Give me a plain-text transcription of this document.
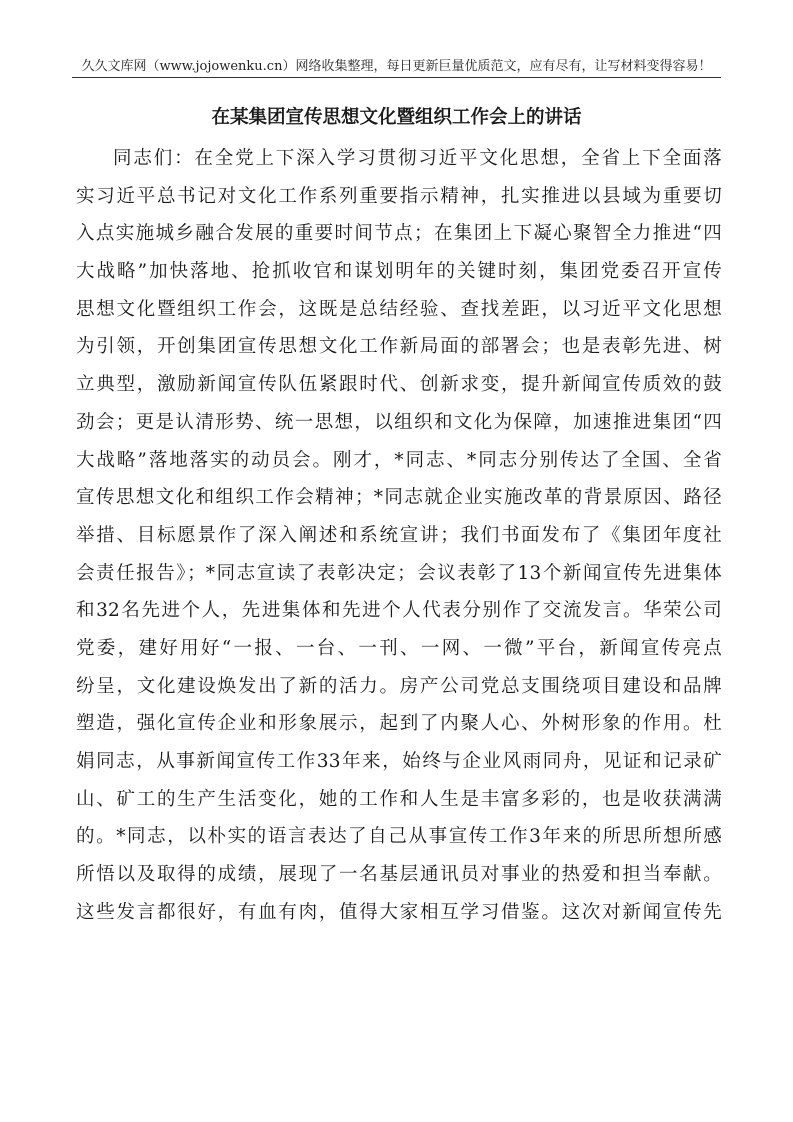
久久文库网（www.jojowenku.cn）网络收集整理，每日更新巨量优质范文，应有尽有，让写材料变得容易！
在某集团宣传思想文化暨组织工作会上的讲话
同志们：在全党上下深入学习贯彻习近平文化思想，全省上下全面落
实习近平总书记对文化工作系列重要指示精神，扎实推进以县域为重要切
入点实施城乡融合发展的重要时间节点；在集团上下凝心聚智全力推进“四
大战略”加快落地、抢抓收官和谋划明年的关键时刻，集团党委召开宣传
思想文化暨组织工作会，这既是总结经验、查找差距，以习近平文化思想
为引领，开创集团宣传思想文化工作新局面的部署会；也是表彰先进、树
立典型，激励新闻宣传队伍紧跟时代、创新求变，提升新闻宣传质效的鼓
劲会；更是认清形势、统一思想，以组织和文化为保障，加速推进集团“四
大战略”落地落实的动员会。刚才，*同志、*同志分别传达了全国、全省
宣传思想文化和组织工作会精神；*同志就企业实施改革的背景原因、路径
举措、目标愿景作了深入阐述和系统宣讲；我们书面发布了《集团年度社
会责任报告》；*同志宣读了表彰决定；会议表彰了13个新闻宣传先进集体
和32名先进个人，先进集体和先进个人代表分别作了交流发言。华荣公司
党委，建好用好“一报、一台、一刊、一网、一微”平台，新闻宣传亮点
纷呈，文化建设焕发出了新的活力。房产公司党总支围绕项目建设和品牌
塑造，强化宣传企业和形象展示，起到了内聚人心、外树形象的作用。杜
娟同志，从事新闻宣传工作33年来，始终与企业风雨同舟，见证和记录矿
山、矿工的生产生活变化，她的工作和人生是丰富多彩的，也是收获满满
的。*同志，以朴实的语言表达了自己从事宣传工作3年来的所思所想所感
所悟以及取得的成绩，展现了一名基层通讯员对事业的热爱和担当奉献。
这些发言都很好，有血有肉，值得大家相互学习借鉴。这次对新闻宣传先
